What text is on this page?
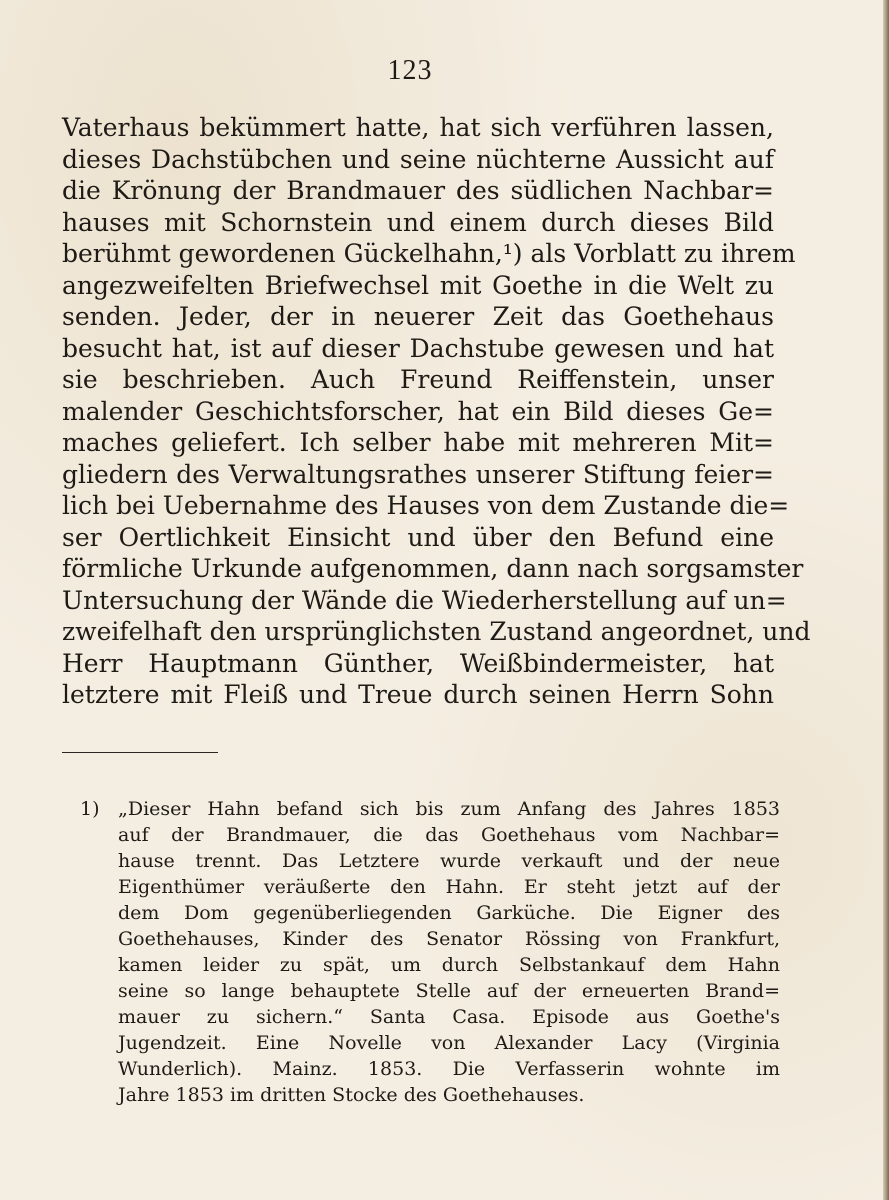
123
Vaterhaus bekümmert hatte, hat sich verführen lassen,
dieses Dachstübchen und seine nüchterne Aussicht auf
die Krönung der Brandmauer des südlichen Nachbar=
hauses mit Schornstein und einem durch dieses Bild
berühmt gewordenen Gückelhahn,¹) als Vorblatt zu ihrem
angezweifelten Briefwechsel mit Goethe in die Welt zu
senden. Jeder, der in neuerer Zeit das Goethehaus
besucht hat, ist auf dieser Dachstube gewesen und hat
sie beschrieben. Auch Freund Reiffenstein, unser
malender Geschichtsforscher, hat ein Bild dieses Ge=
maches geliefert. Ich selber habe mit mehreren Mit=
gliedern des Verwaltungsrathes unserer Stiftung feier=
lich bei Uebernahme des Hauses von dem Zustande die=
ser Oertlichkeit Einsicht und über den Befund eine
förmliche Urkunde aufgenommen, dann nach sorgsamster
Untersuchung der Wände die Wiederherstellung auf un=
zweifelhaft den ursprünglichsten Zustand angeordnet, und
Herr Hauptmann Günther, Weißbindermeister, hat
letztere mit Fleiß und Treue durch seinen Herrn Sohn
1) „Dieser Hahn befand sich bis zum Anfang des Jahres 1853
auf der Brandmauer, die das Goethehaus vom Nachbar=
hause trennt. Das Letztere wurde verkauft und der neue
Eigenthümer veräußerte den Hahn. Er steht jetzt auf der
dem Dom gegenüberliegenden Garküche. Die Eigner des
Goethehauses, Kinder des Senator Rössing von Frankfurt,
kamen leider zu spät, um durch Selbstankauf dem Hahn
seine so lange behauptete Stelle auf der erneuerten Brand=
mauer zu sichern.“ Santa Casa. Episode aus Goethe's
Jugendzeit. Eine Novelle von Alexander Lacy (Virginia
Wunderlich). Mainz. 1853. Die Verfasserin wohnte im
Jahre 1853 im dritten Stocke des Goethehauses.
